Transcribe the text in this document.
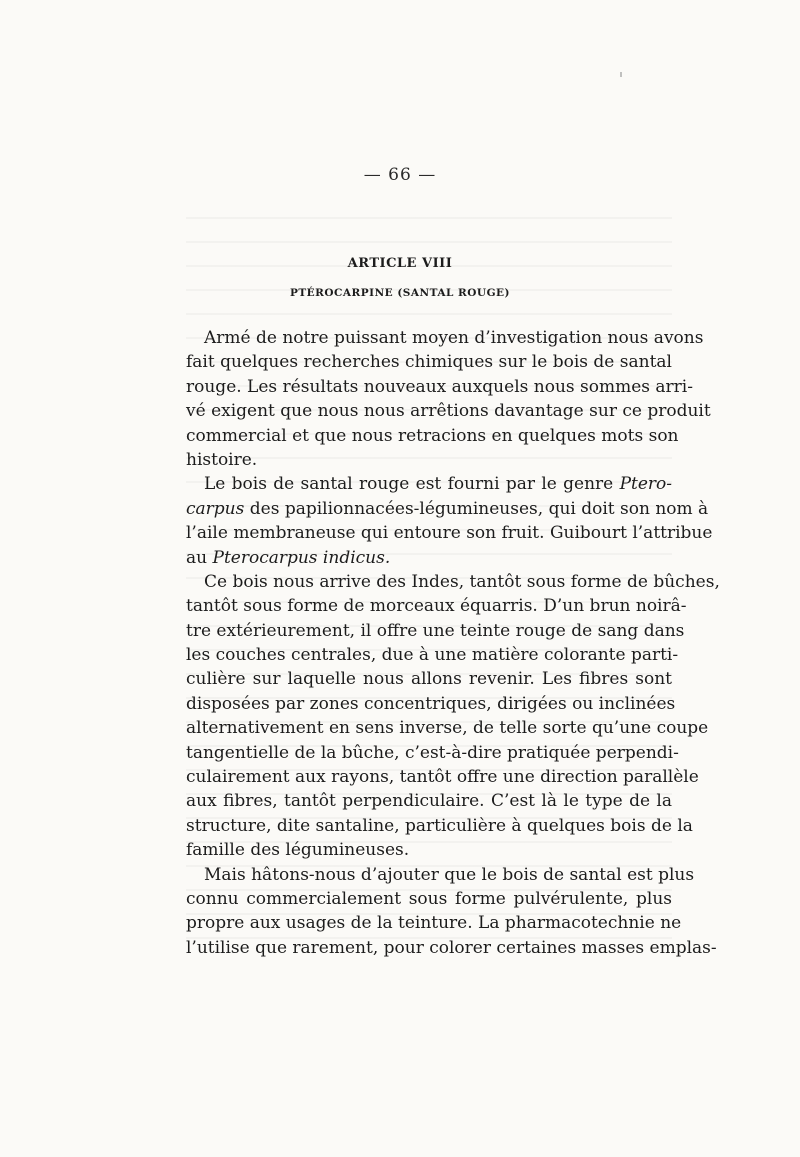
— 66 —
ARTICLE VIII
PTÉROCARPINE (SANTAL ROUGE)
Armé de notre puissant moyen d’investigation nous avons
fait quelques recherches chimiques sur le bois de santal
rouge. Les résultats nouveaux auxquels nous sommes arri-
vé exigent que nous nous arrêtions davantage sur ce produit
commercial et que nous retracions en quelques mots son
histoire.
Le bois de santal rouge est fourni par le genre Ptero-
carpus des papilionnacées-légumineuses, qui doit son nom à
l’aile membraneuse qui entoure son fruit. Guibourt l’attribue
au Pterocarpus indicus.
Ce bois nous arrive des Indes, tantôt sous forme de bûches,
tantôt sous forme de morceaux équarris. D’un brun noirâ-
tre extérieurement, il offre une teinte rouge de sang dans
les couches centrales, due à une matière colorante parti-
culière sur laquelle nous allons revenir. Les fibres sont
disposées par zones concentriques, dirigées ou inclinées
alternativement en sens inverse, de telle sorte qu’une coupe
tangentielle de la bûche, c’est-à-dire pratiquée perpendi-
culairement aux rayons, tantôt offre une direction parallèle
aux fibres, tantôt perpendiculaire. C’est là le type de la
structure, dite santaline, particulière à quelques bois de la
famille des légumineuses.
Mais hâtons-nous d’ajouter que le bois de santal est plus
connu commercialement sous forme pulvérulente, plus
propre aux usages de la teinture. La pharmacotechnie ne
l’utilise que rarement, pour colorer certaines masses emplas-
